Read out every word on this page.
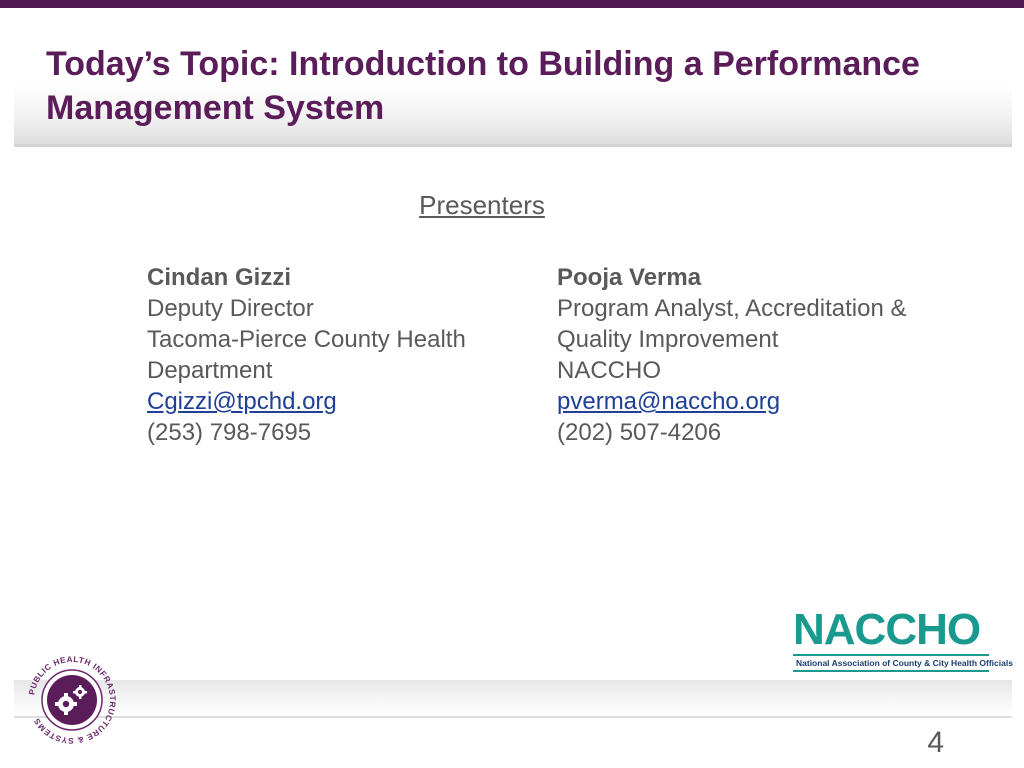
Today’s Topic: Introduction to Building a Performance Management System
Presenters
Cindan Gizzi
Deputy Director
Tacoma-Pierce County Health
Department
Cgizzi@tpchd.org
(253) 798-7695
Pooja Verma
Program Analyst, Accreditation &
Quality Improvement
NACCHO
pverma@naccho.org
(202) 507-4206
NACCHO
National Association of County & City Health Officials
PUBLIC HEALTH INFRASTRUCTURE & SYSTEMS
4
